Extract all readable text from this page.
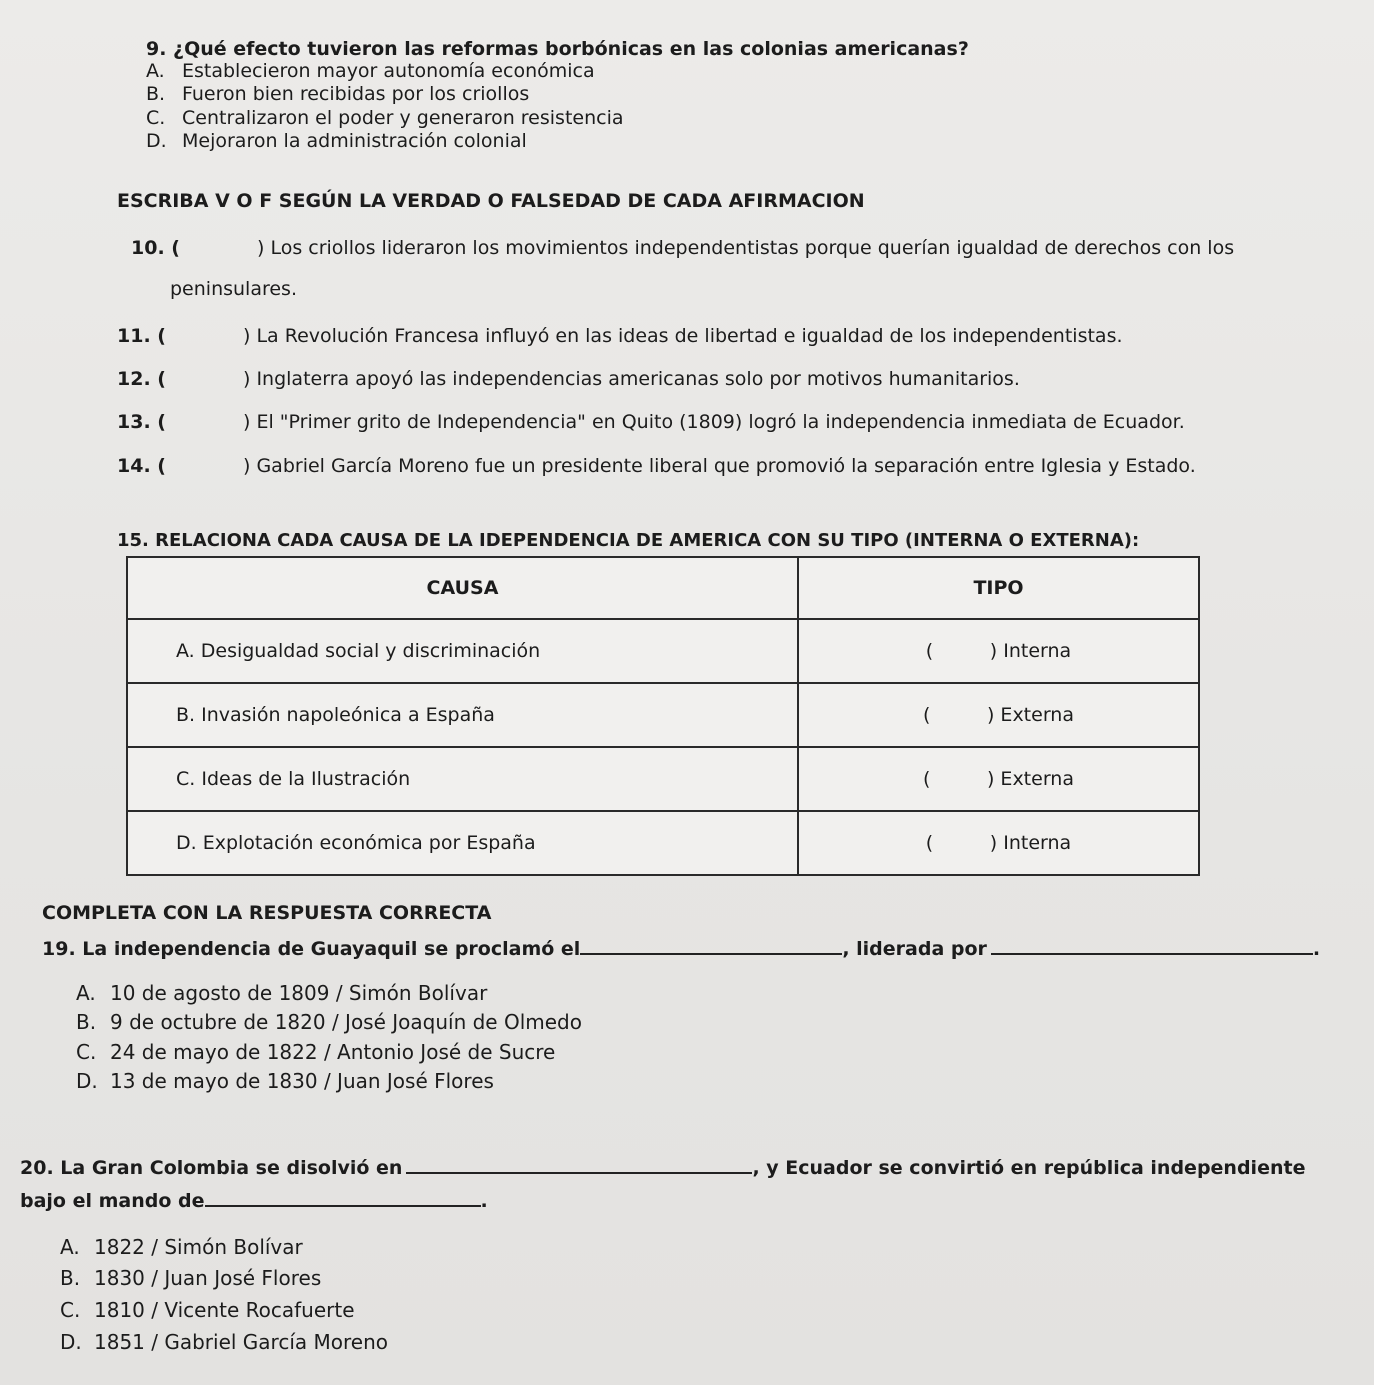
9. ¿Qué efecto tuvieron las reformas borbónicas en las colonias americanas?
A. Establecieron mayor autonomía económica
B. Fueron bien recibidas por los criollos
C. Centralizaron el poder y generaron resistencia
D. Mejoraron la administración colonial
ESCRIBA V O F SEGÚN LA VERDAD O FALSEDAD DE CADA AFIRMACION
10. (	) Los criollos lideraron los movimientos independentistas porque querían igualdad de derechos con los
peninsulares.
11. (	) La Revolución Francesa influyó en las ideas de libertad e igualdad de los independentistas.
12. (	) Inglaterra apoyó las independencias americanas solo por motivos humanitarios.
13. (	) El "Primer grito de Independencia" en Quito (1809) logró la independencia inmediata de Ecuador.
14. (	) Gabriel García Moreno fue un presidente liberal que promovió la separación entre Iglesia y Estado.
15. RELACIONA CADA CAUSA DE LA IDEPENDENCIA DE AMERICA CON SU TIPO (INTERNA O EXTERNA):
CAUSA	TIPO
A. Desigualdad social y discriminación	( ) Interna
B. Invasión napoleónica a España	( ) Externa
C. Ideas de la Ilustración	( ) Externa
D. Explotación económica por España	( ) Interna
COMPLETA CON LA RESPUESTA CORRECTA
19. La independencia de Guayaquil se proclamó el	, liderada por	.
A. 10 de agosto de 1809 / Simón Bolívar
B. 9 de octubre de 1820 / José Joaquín de Olmedo
C. 24 de mayo de 1822 / Antonio José de Sucre
D. 13 de mayo de 1830 / Juan José Flores
20. La Gran Colombia se disolvió en	, y Ecuador se convirtió en república independiente
bajo el mando de	.
A. 1822 / Simón Bolívar
B. 1830 / Juan José Flores
C. 1810 / Vicente Rocafuerte
D. 1851 / Gabriel García Moreno
